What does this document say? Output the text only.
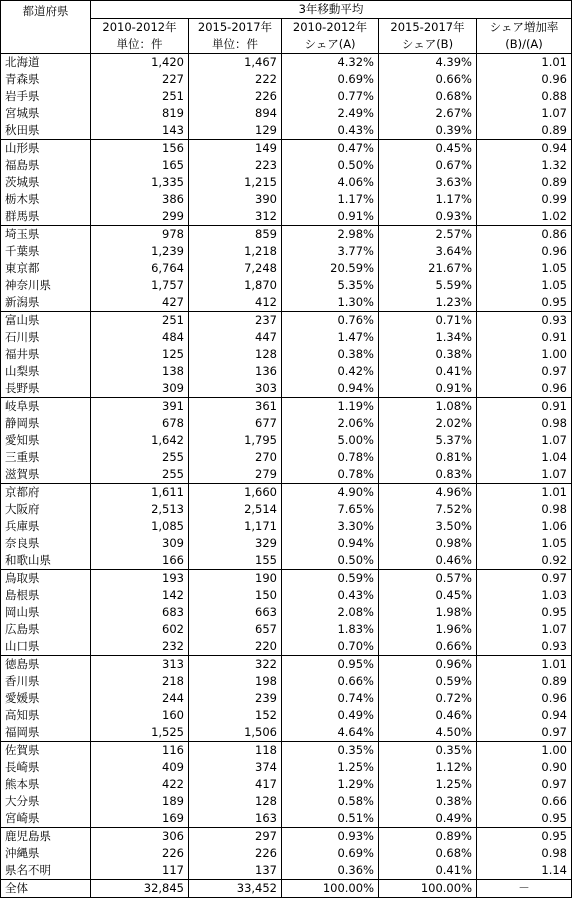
都道府県	3年移動平均				
	2010-2012年	2015-2017年	2010-2012年	2015-2017年	シェア増加率
	単位：件	単位：件	シェア(A)	シェア(B)	(B)/(A)
北海道	1,420	1,467	4.32%	4.39%	1.01
青森県	227	222	0.69%	0.66%	0.96
岩手県	251	226	0.77%	0.68%	0.88
宮城県	819	894	2.49%	2.67%	1.07
秋田県	143	129	0.43%	0.39%	0.89
山形県	156	149	0.47%	0.45%	0.94
福島県	165	223	0.50%	0.67%	1.32
茨城県	1,335	1,215	4.06%	3.63%	0.89
栃木県	386	390	1.17%	1.17%	0.99
群馬県	299	312	0.91%	0.93%	1.02
埼玉県	978	859	2.98%	2.57%	0.86
千葉県	1,239	1,218	3.77%	3.64%	0.96
東京都	6,764	7,248	20.59%	21.67%	1.05
神奈川県	1,757	1,870	5.35%	5.59%	1.05
新潟県	427	412	1.30%	1.23%	0.95
富山県	251	237	0.76%	0.71%	0.93
石川県	484	447	1.47%	1.34%	0.91
福井県	125	128	0.38%	0.38%	1.00
山梨県	138	136	0.42%	0.41%	0.97
長野県	309	303	0.94%	0.91%	0.96
岐阜県	391	361	1.19%	1.08%	0.91
静岡県	678	677	2.06%	2.02%	0.98
愛知県	1,642	1,795	5.00%	5.37%	1.07
三重県	255	270	0.78%	0.81%	1.04
滋賀県	255	279	0.78%	0.83%	1.07
京都府	1,611	1,660	4.90%	4.96%	1.01
大阪府	2,513	2,514	7.65%	7.52%	0.98
兵庫県	1,085	1,171	3.30%	3.50%	1.06
奈良県	309	329	0.94%	0.98%	1.05
和歌山県	166	155	0.50%	0.46%	0.92
鳥取県	193	190	0.59%	0.57%	0.97
島根県	142	150	0.43%	0.45%	1.03
岡山県	683	663	2.08%	1.98%	0.95
広島県	602	657	1.83%	1.96%	1.07
山口県	232	220	0.70%	0.66%	0.93
徳島県	313	322	0.95%	0.96%	1.01
香川県	218	198	0.66%	0.59%	0.89
愛媛県	244	239	0.74%	0.72%	0.96
高知県	160	152	0.49%	0.46%	0.94
福岡県	1,525	1,506	4.64%	4.50%	0.97
佐賀県	116	118	0.35%	0.35%	1.00
長崎県	409	374	1.25%	1.12%	0.90
熊本県	422	417	1.29%	1.25%	0.97
大分県	189	128	0.58%	0.38%	0.66
宮崎県	169	163	0.51%	0.49%	0.95
鹿児島県	306	297	0.93%	0.89%	0.95
沖縄県	226	226	0.69%	0.68%	0.98
県名不明	117	137	0.36%	0.41%	1.14
全体	32,845	33,452	100.00%	100.00%	－
